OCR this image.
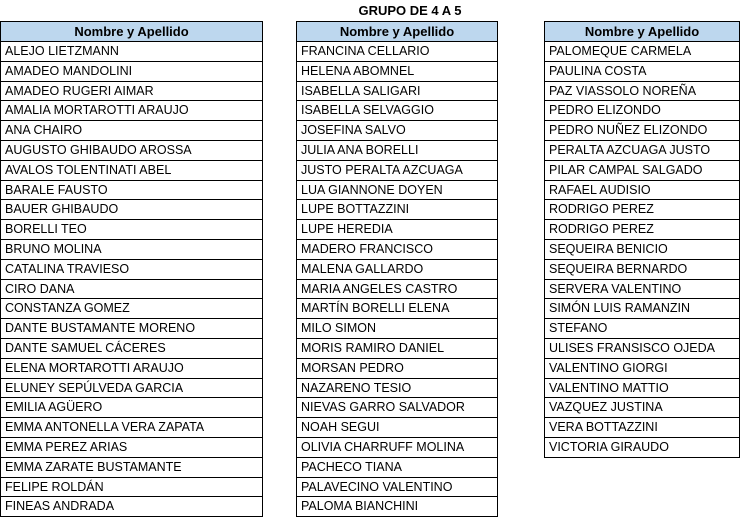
GRUPO DE 4 A 5
Nombre y Apellido
ALEJO LIETZMANN
AMADEO MANDOLINI
AMADEO RUGERI AIMAR
AMALIA MORTAROTTI ARAUJO
ANA CHAIRO
AUGUSTO GHIBAUDO AROSSA
AVALOS TOLENTINATI ABEL
BARALE FAUSTO
BAUER GHIBAUDO
BORELLI TEO
BRUNO MOLINA
CATALINA TRAVIESO
CIRO DANA
CONSTANZA GOMEZ
DANTE BUSTAMANTE MORENO
DANTE SAMUEL CÁCERES
ELENA MORTAROTTI ARAUJO
ELUNEY SEPÚLVEDA GARCIA
EMILIA AGÜERO
EMMA ANTONELLA VERA ZAPATA
EMMA PEREZ ARIAS
EMMA ZARATE BUSTAMANTE
FELIPE ROLDÁN
FINEAS ANDRADA
Nombre y Apellido
FRANCINA CELLARIO
HELENA ABOMNEL
ISABELLA SALIGARI
ISABELLA SELVAGGIO
JOSEFINA SALVO
JULIA ANA BORELLI
JUSTO PERALTA AZCUAGA
LUA GIANNONE DOYEN
LUPE BOTTAZZINI
LUPE HEREDIA
MADERO FRANCISCO
MALENA GALLARDO
MARIA ANGELES CASTRO
MARTÍN BORELLI ELENA
MILO SIMON
MORIS RAMIRO DANIEL
MORSAN PEDRO
NAZARENO TESIO
NIEVAS GARRO SALVADOR
NOAH SEGUI
OLIVIA CHARRUFF MOLINA
PACHECO TIANA
PALAVECINO VALENTINO
PALOMA BIANCHINI
Nombre y Apellido
PALOMEQUE CARMELA
PAULINA COSTA
PAZ VIASSOLO NOREÑA
PEDRO ELIZONDO
PEDRO NUÑEZ ELIZONDO
PERALTA AZCUAGA JUSTO
PILAR CAMPAL SALGADO
RAFAEL AUDISIO
RODRIGO PEREZ
RODRIGO PEREZ
SEQUEIRA BENICIO
SEQUEIRA BERNARDO
SERVERA VALENTINO
SIMÓN LUIS RAMANZIN
STEFANO
ULISES FRANSISCO OJEDA
VALENTINO GIORGI
VALENTINO MATTIO
VAZQUEZ JUSTINA
VERA BOTTAZZINI
VICTORIA GIRAUDO
